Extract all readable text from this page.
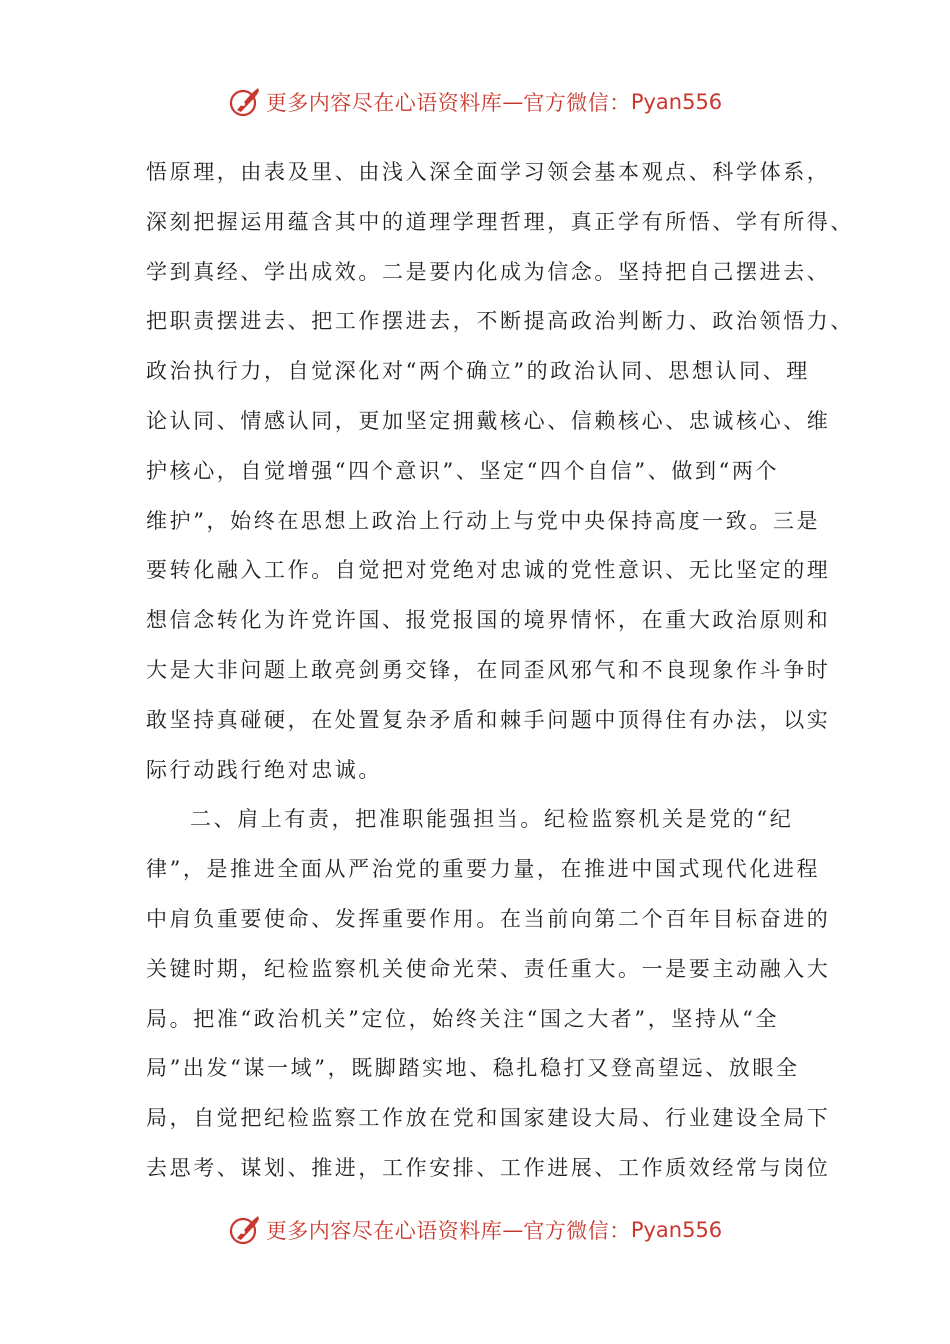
更多内容尽在心语资料库 — 官方微信： Pyan556
悟原理，由表及里、由浅入深全面学习领会基本观点、科学体系，
深刻把握运用蕴含其中的道理学理哲理，真正学有所悟、学有所得、
学到真经、学出成效。二是要内化成为信念。坚持把自己摆进去、
把职责摆进去、把工作摆进去，不断提高政治判断力、政治领悟力、
政治执行力，自觉深化对“两个确立”的政治认同、思想认同、理
论认同、情感认同，更加坚定拥戴核心、信赖核心、忠诚核心、维
护核心，自觉增强“四个意识”、坚定“四个自信”、做到“两个
维护”，始终在思想上政治上行动上与党中央保持高度一致。三是
要转化融入工作。自觉把对党绝对忠诚的党性意识、无比坚定的理
想信念转化为许党许国、报党报国的境界情怀，在重大政治原则和
大是大非问题上敢亮剑勇交锋，在同歪风邪气和不良现象作斗争时
敢坚持真碰硬，在处置复杂矛盾和棘手问题中顶得住有办法，以实
际行动践行绝对忠诚。
二、肩上有责，把准职能强担当。纪检监察机关是党的“纪
律”，是推进全面从严治党的重要力量，在推进中国式现代化进程
中肩负重要使命、发挥重要作用。在当前向第二个百年目标奋进的
关键时期，纪检监察机关使命光荣、责任重大。一是要主动融入大
局。把准“政治机关”定位，始终关注“国之大者”，坚持从“全
局”出发“谋一域”，既脚踏实地、稳扎稳打又登高望远、放眼全
局，自觉把纪检监察工作放在党和国家建设大局、行业建设全局下
去思考、谋划、推进，工作安排、工作进展、工作质效经常与岗位
更多内容尽在心语资料库 — 官方微信： Pyan556
